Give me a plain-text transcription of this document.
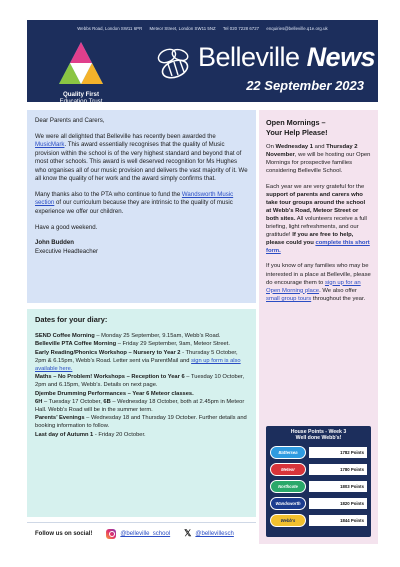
Webbs Road, London SW11 6PR Meteor Street, London SW11 5NZ Tel 020 7228 6727 enquiries@belleville.q1e.org.uk
Quality First
Education Trust
Belleville News
22 September 2023

Dear Parents and Carers,

We were all delighted that Belleville has recently been awarded the MusicMark. This award essentially recognises that the quality of Music provision within the school is of the very highest standard and beyond that of most other schools. This award is well deserved recognition for Ms Hughes who organises all of our music provision and delivers the vast majority of it. We all know the quality of her work and the award simply confirms that.

Many thanks also to the PTA who continue to fund the Wandsworth Music section of our curriculum because they are intrinsic to the quality of music experience we offer our children.

Have a good weekend.

John Budden
Executive Headteacher
Dates for your diary:
SEND Coffee Morning – Monday 25 September, 9.15am, Webb’s Road.
Belleville PTA Coffee Morning – Friday 29 September, 9am, Meteor Street.
Early Reading/Phonics Workshop – Nursery to Year 2 - Thursday 5 October, 2pm & 6.15pm, Webb’s Road. Letter sent via ParentMail and sign up form is also available here.
Maths – No Problem! Workshops – Reception to Year 6 – Tuesday 10 October, 2pm and 6.15pm, Webb’s. Details on next page.
Djembe Drumming Performances – Year 6 Meteor classes.
6H – Tuesday 17 October, 6B – Wednesday 18 October, both at 2.45pm in Meteor Hall. Webb’s Road will be in the summer term.
Parents’ Evenings – Wednesday 18 and Thursday 19 October. Further details and booking information to follow.
Last day of Autumn 1 - Friday 20 October.
Follow us on social!	@belleville_school 𝕏 @bellevillesch
Open Mornings –
Your Help Please!

On Wednesday 1 and Thursday 2 November, we will be hosting our Open Mornings for prospective families considering Belleville School.

Each year we are very grateful for the support of parents and carers who take tour groups around the school at Webb’s Road, Meteor Street or both sites. All volunteers receive a full briefing, light refreshments, and our gratitude! If you are free to help, please could you complete this short form.

If you know of any families who may be interested in a place at Belleville, please do encourage them to sign up for an Open Morning place. We also offer small group tours throughout the year.

House Points - Week 3
Well done Webb's!
Battersea	1782 Points
Meteor	1780 Points
Northcote	1803 Points
Wandsworth	1820 Points
Webb's	1844 Points
